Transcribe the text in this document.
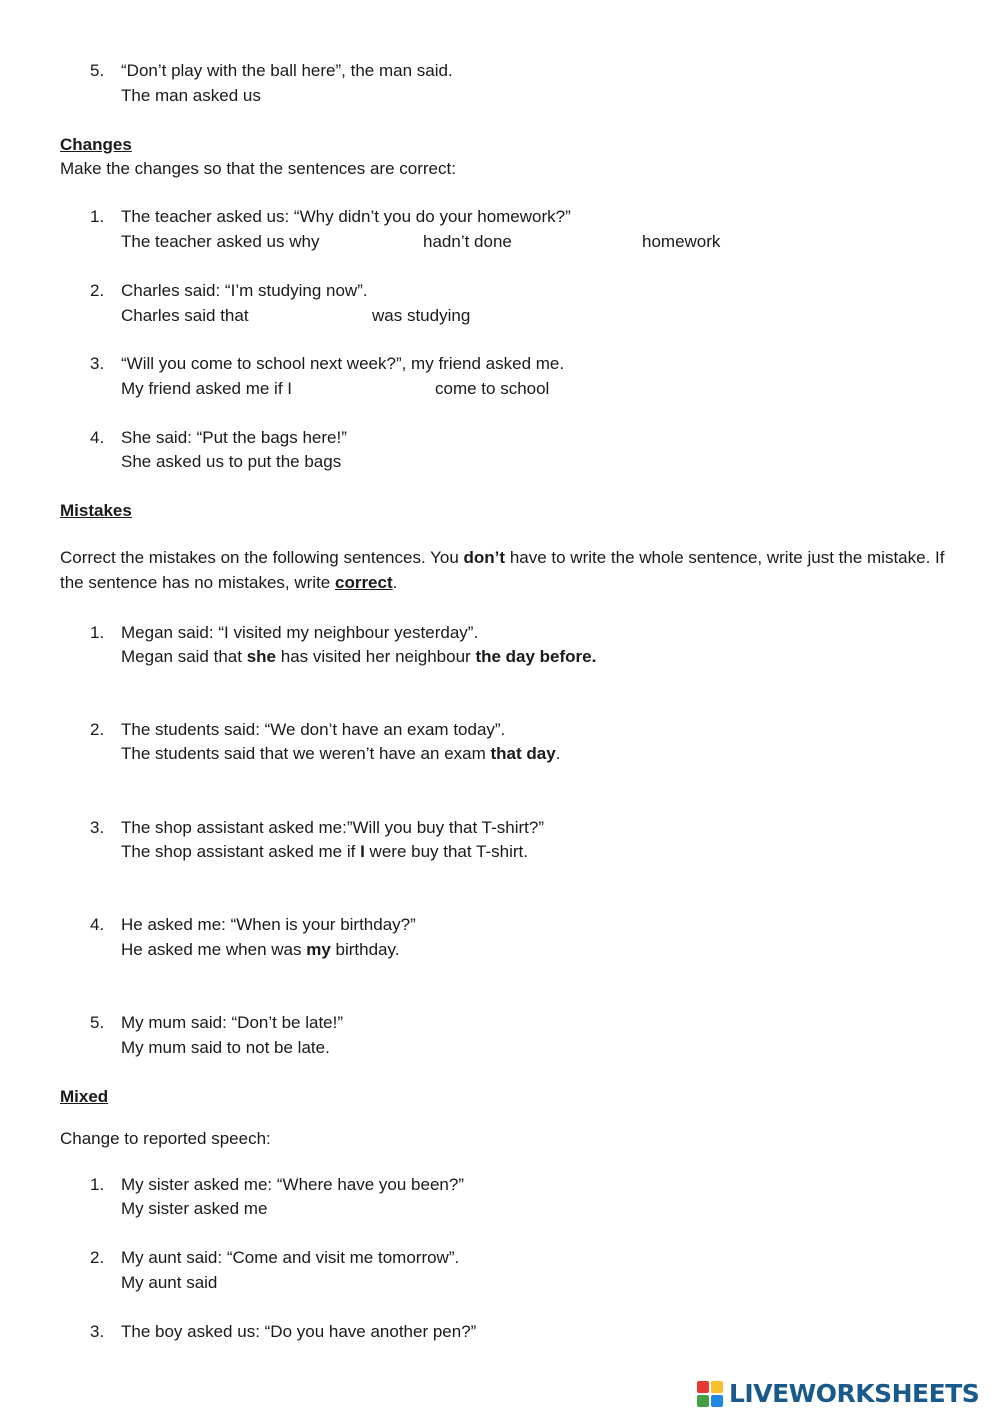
5. “Don’t play with the ball here”, the man said.
The man asked us
Changes
Make the changes so that the sentences are correct:
1. The teacher asked us: “Why didn’t you do your homework?”
The teacher asked us why	hadn’t done	homework
2. Charles said: “I’m studying now”.
Charles said that	was studying
3. “Will you come to school next week?”, my friend asked me.
My friend asked me if I	come to school
4. She said: “Put the bags here!”
She asked us to put the bags
Mistakes
Correct the mistakes on the following sentences. You don’t have to write the whole sentence, write just the mistake. If the sentence has no mistakes, write correct.
1. Megan said: “I visited my neighbour yesterday”.
Megan said that she has visited her neighbour the day before.
2. The students said: “We don’t have an exam today”.
The students said that we weren’t have an exam that day.
3. The shop assistant asked me:”Will you buy that T-shirt?”
The shop assistant asked me if I were buy that T-shirt.
4. He asked me: “When is your birthday?”
He asked me when was my birthday.
5. My mum said: “Don’t be late!”
My mum said to not be late.
Mixed
Change to reported speech:
1. My sister asked me: “Where have you been?”
My sister asked me
2. My aunt said: “Come and visit me tomorrow”.
My aunt said
3. The boy asked us: “Do you have another pen?”
LIVEWORKSHEETS
